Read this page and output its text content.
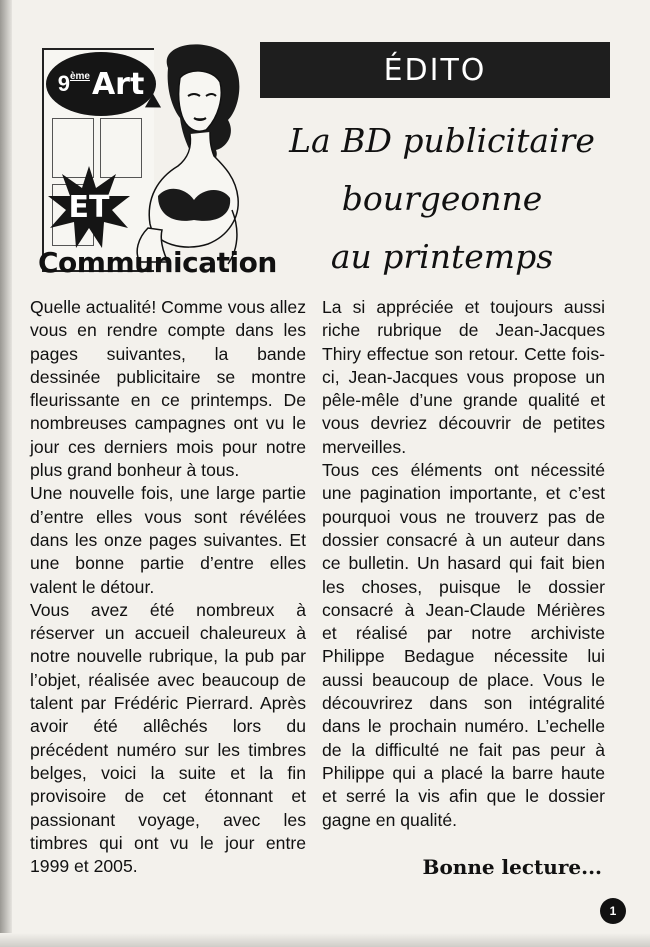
9 ème Art
ET
Communication
ÉDITO
La BD publicitaire
bourgeonne
au printemps

Quelle actualité! Comme vous allez vous en rendre compte dans les pages suivantes, la bande dessinée publicitaire se montre fleurissante en ce printemps. De nombreuses campagnes ont vu le jour ces derniers mois pour notre plus grand bonheur à tous.

Une nouvelle fois, une large partie d’entre elles vous sont révélées dans les onze pages suivantes. Et une bonne partie d’entre elles valent le détour.

Vous avez été nombreux à réserver un accueil chaleureux à notre nouvelle rubrique, la pub par l’objet, réalisée avec beaucoup de talent par Frédéric Pierrard. Après avoir été allêchés lors du précédent numéro sur les timbres belges, voici la suite et la fin provisoire de cet étonnant et passionant voyage, avec les timbres qui ont vu le jour entre 1999 et 2005.

La si appréciée et toujours aussi riche rubrique de Jean-Jacques Thiry effectue son retour. Cette fois-ci, Jean-Jacques vous propose un pêle-mêle d’une grande qualité et vous devriez découvrir de petites merveilles.

Tous ces éléments ont nécessité une pagination importante, et c’est pourquoi vous ne trouverz pas de dossier consacré à un auteur dans ce bulletin. Un hasard qui fait bien les choses, puisque le dossier consacré à Jean-Claude Mérières et réalisé par notre archiviste Philippe Bedague nécessite lui aussi beaucoup de place. Vous le découvrirez dans son intégralité dans le prochain numéro. L’echelle de la difficulté ne fait pas peur à Philippe qui a placé la barre haute et serré la vis afin que le dossier gagne en qualité.

Bonne lecture...
1
